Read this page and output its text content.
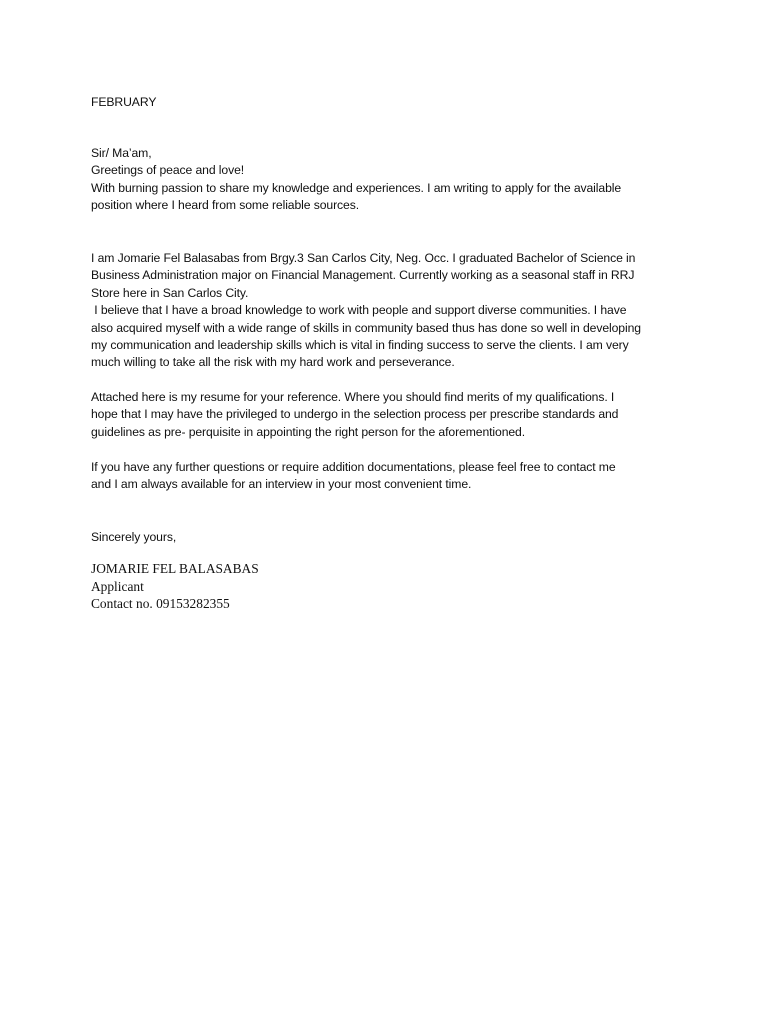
FEBRUARY
Sir/ Ma’am,
Greetings of peace and love!
With burning passion to share my knowledge and experiences. I am writing to apply for the available
position where I heard from some reliable sources.
I am Jomarie Fel Balasabas from Brgy.3 San Carlos City, Neg. Occ. I graduated Bachelor of Science in
Business Administration major on Financial Management. Currently working as a seasonal staff in RRJ
Store here in San Carlos City.
I believe that I have a broad knowledge to work with people and support diverse communities. I have
also acquired myself with a wide range of skills in community based thus has done so well in developing
my communication and leadership skills which is vital in finding success to serve the clients. I am very
much willing to take all the risk with my hard work and perseverance.
Attached here is my resume for your reference. Where you should find merits of my qualifications. I
hope that I may have the privileged to undergo in the selection process per prescribe standards and
guidelines as pre- perquisite in appointing the right person for the aforementioned.
If you have any further questions or require addition documentations, please feel free to contact me
and I am always available for an interview in your most convenient time.
Sincerely yours,
JOMARIE FEL BALASABAS
Applicant
Contact no. 09153282355
